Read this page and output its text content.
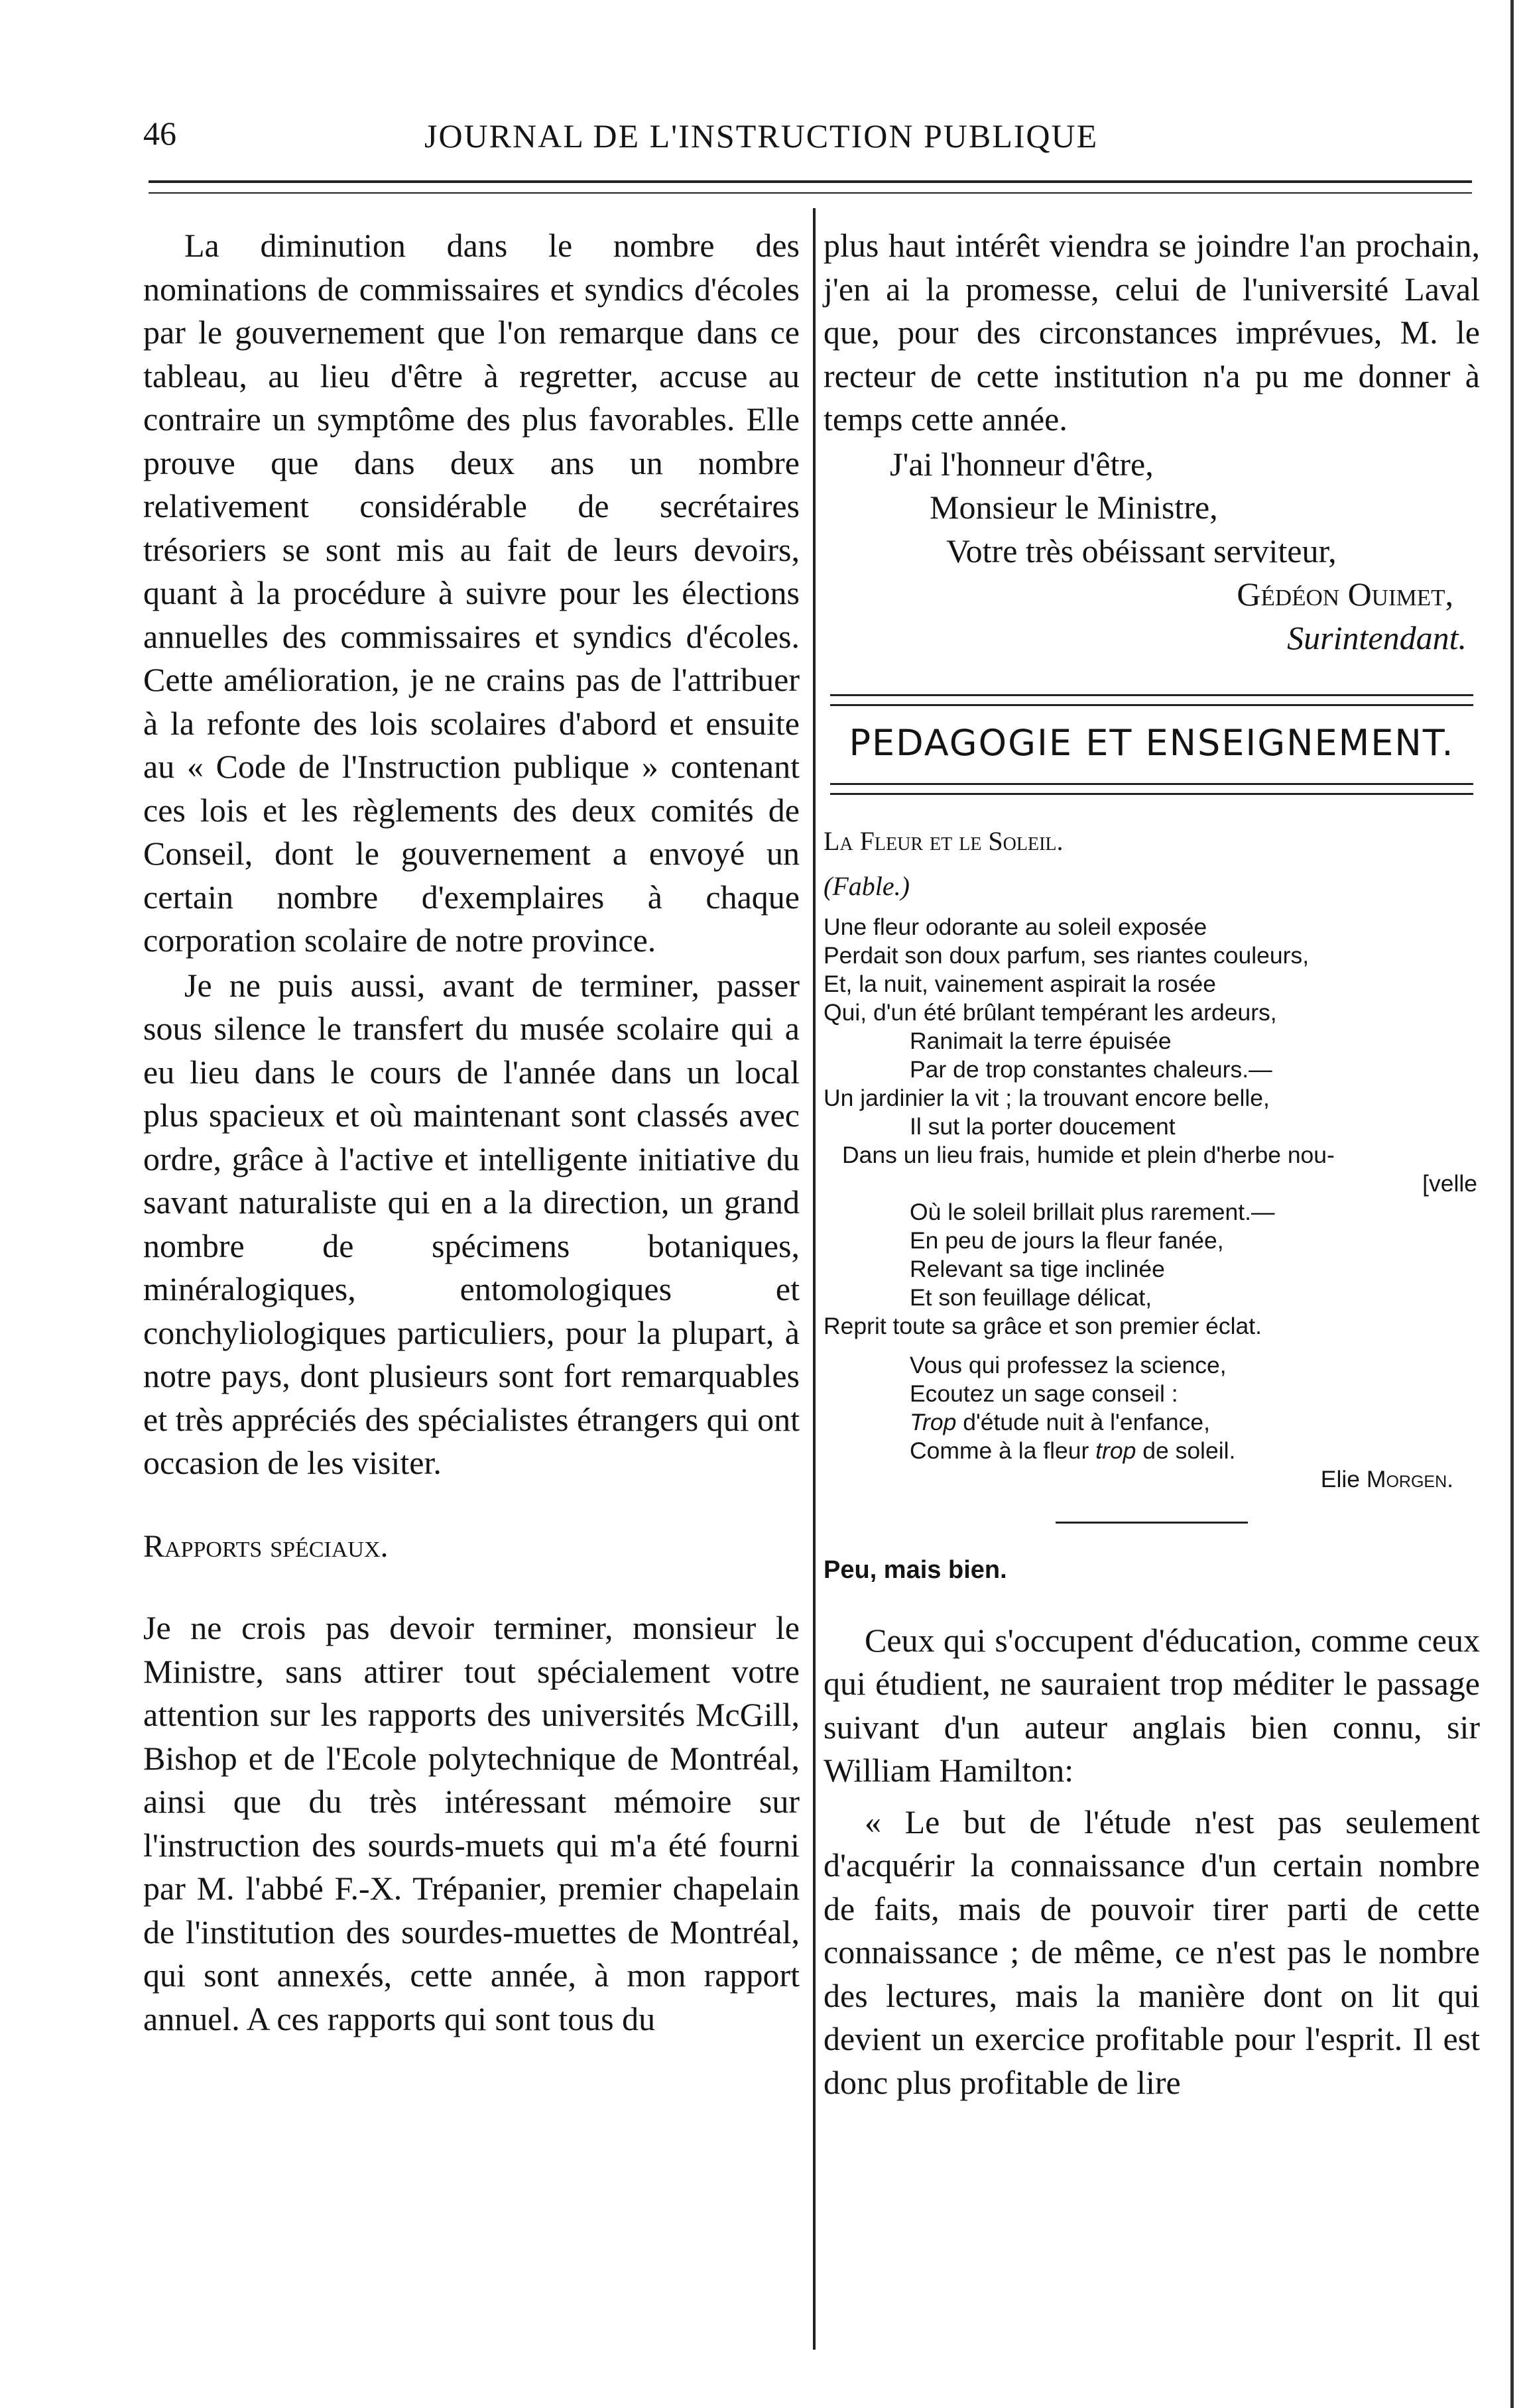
46	JOURNAL DE L'INSTRUCTION PUBLIQUE

La diminution dans le nombre des nominations de commissaires et syndics d'écoles par le gouvernement que l'on remarque dans ce tableau, au lieu d'être à regretter, accuse au contraire un symptôme des plus favorables. Elle prouve que dans deux ans un nombre relativement considérable de secrétaires trésoriers se sont mis au fait de leurs devoirs, quant à la procédure à suivre pour les élections annuelles des commissaires et syndics d'écoles. Cette amélioration, je ne crains pas de l'attribuer à la refonte des lois scolaires d'abord et ensuite au « Code de l'Instruction publique » contenant ces lois et les règlements des deux comités de Conseil, dont le gouvernement a envoyé un certain nombre d'exemplaires à chaque corporation scolaire de notre province.

Je ne puis aussi, avant de terminer, passer sous silence le transfert du musée scolaire qui a eu lieu dans le cours de l'année dans un local plus spacieux et où maintenant sont classés avec ordre, grâce à l'active et intelligente initiative du savant naturaliste qui en a la direction, un grand nombre de spécimens botaniques, minéralogiques, entomologiques et conchyliologiques particuliers, pour la plupart, à notre pays, dont plusieurs sont fort remarquables et très appréciés des spécialistes étrangers qui ont occasion de les visiter.

Rapports spéciaux.

Je ne crois pas devoir terminer, monsieur le Ministre, sans attirer tout spécialement votre attention sur les rapports des universités McGill, Bishop et de l'Ecole polytechnique de Montréal, ainsi que du très intéressant mémoire sur l'instruction des sourds-muets qui m'a été fourni par M. l'abbé F.-X. Trépanier, premier chapelain de l'institution des sourdes-muettes de Montréal, qui sont annexés, cette année, à mon rapport annuel. A ces rapports qui sont tous du

plus haut intérêt viendra se joindre l'an prochain, j'en ai la promesse, celui de l'université Laval que, pour des circonstances imprévues, M. le recteur de cette institution n'a pu me donner à temps cette année.

J'ai l'honneur d'être,

Monsieur le Ministre,

Votre très obéissant serviteur,

Gédéon Ouimet,

Surintendant.

PEDAGOGIE ET ENSEIGNEMENT.

La Fleur et le Soleil.

(Fable.)

Une fleur odorante au soleil exposée
Perdait son doux parfum, ses riantes couleurs,
Et, la nuit, vainement aspirait la rosée
Qui, d'un été brûlant tempérant les ardeurs,
Ranimait la terre épuisée
Par de trop constantes chaleurs.—
Un jardinier la vit ; la trouvant encore belle,
Il sut la porter doucement
Dans un lieu frais, humide et plein d'herbe nou-
[velle
Où le soleil brillait plus rarement.—
En peu de jours la fleur fanée,
Relevant sa tige inclinée
Et son feuillage délicat,
Reprit toute sa grâce et son premier éclat.
Vous qui professez la science,
Ecoutez un sage conseil :
Trop d'étude nuit à l'enfance,
Comme à la fleur trop de soleil.
Elie Morgen.

Peu, mais bien.

Ceux qui s'occupent d'éducation, comme ceux qui étudient, ne sauraient trop méditer le passage suivant d'un auteur anglais bien connu, sir William Hamilton:

« Le but de l'étude n'est pas seulement d'acquérir la connaissance d'un certain nombre de faits, mais de pouvoir tirer parti de cette connaissance ; de même, ce n'est pas le nombre des lectures, mais la manière dont on lit qui devient un exercice profitable pour l'esprit. Il est donc plus profitable de lire
